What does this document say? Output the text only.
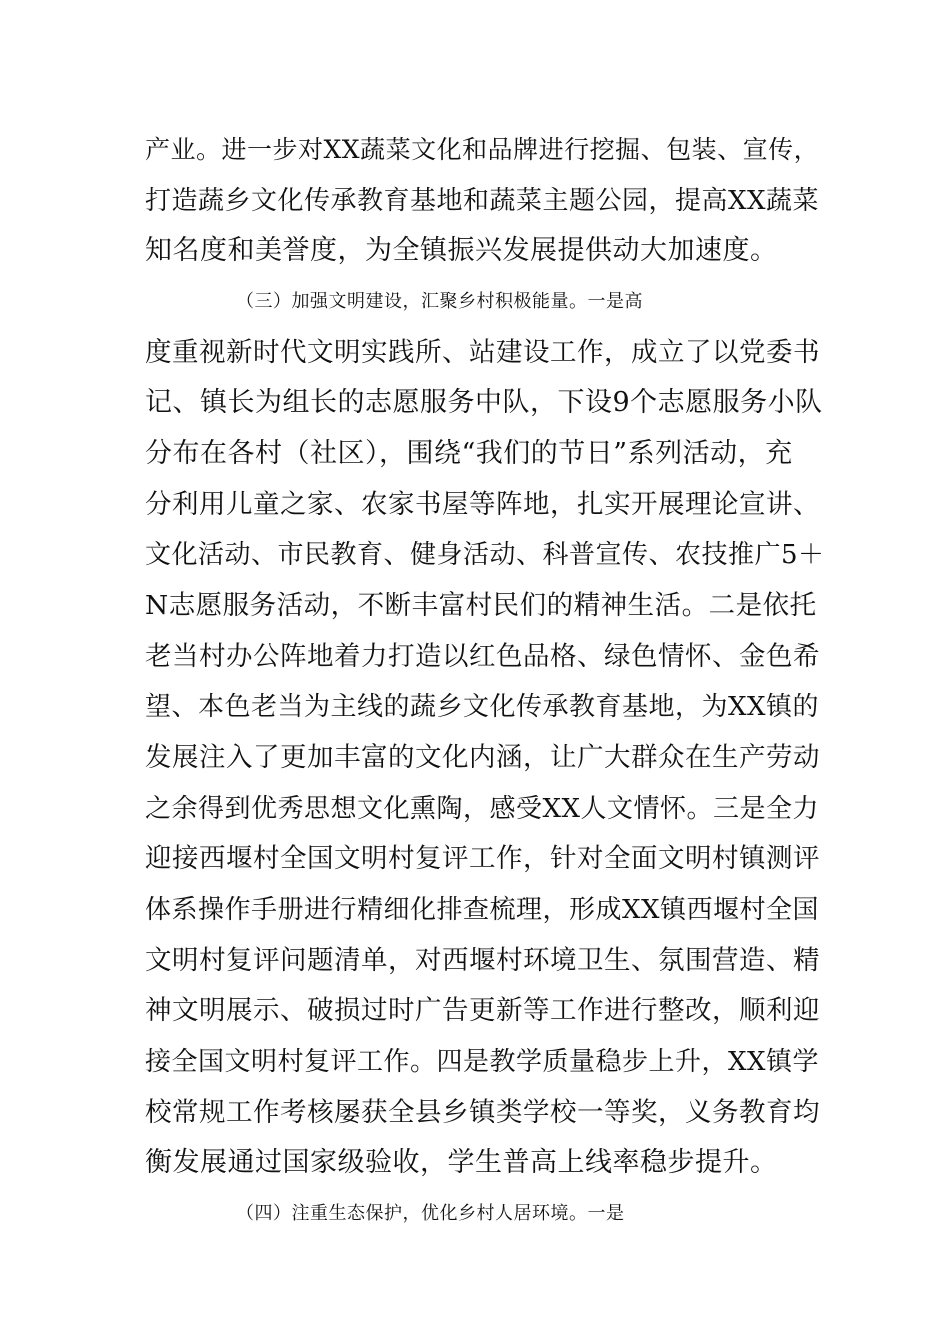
产业。进一步对XX蔬菜文化和品牌进行挖掘、包装、宣传，
打造蔬乡文化传承教育基地和蔬菜主题公园，提高XX蔬菜
知名度和美誉度，为全镇振兴发展提供动大加速度。
（三）加强文明建设，汇聚乡村积极能量。一是高
度重视新时代文明实践所、站建设工作，成立了以党委书
记、镇长为组长的志愿服务中队，下设9个志愿服务小队
分布在各村（社区），围绕“我们的节日”系列活动，充
分利用儿童之家、农家书屋等阵地，扎实开展理论宣讲、
文化活动、市民教育、健身活动、科普宣传、农技推广5＋
N志愿服务活动，不断丰富村民们的精神生活。二是依托
老当村办公阵地着力打造以红色品格、绿色情怀、金色希
望、本色老当为主线的蔬乡文化传承教育基地，为XX镇的
发展注入了更加丰富的文化内涵，让广大群众在生产劳动
之余得到优秀思想文化熏陶，感受XX人文情怀。三是全力
迎接西堰村全国文明村复评工作，针对全面文明村镇测评
体系操作手册进行精细化排查梳理，形成XX镇西堰村全国
文明村复评问题清单，对西堰村环境卫生、氛围营造、精
神文明展示、破损过时广告更新等工作进行整改，顺利迎
接全国文明村复评工作。四是教学质量稳步上升，XX镇学
校常规工作考核屡获全县乡镇类学校一等奖，义务教育均
衡发展通过国家级验收，学生普高上线率稳步提升。
（四）注重生态保护，优化乡村人居环境。一是
